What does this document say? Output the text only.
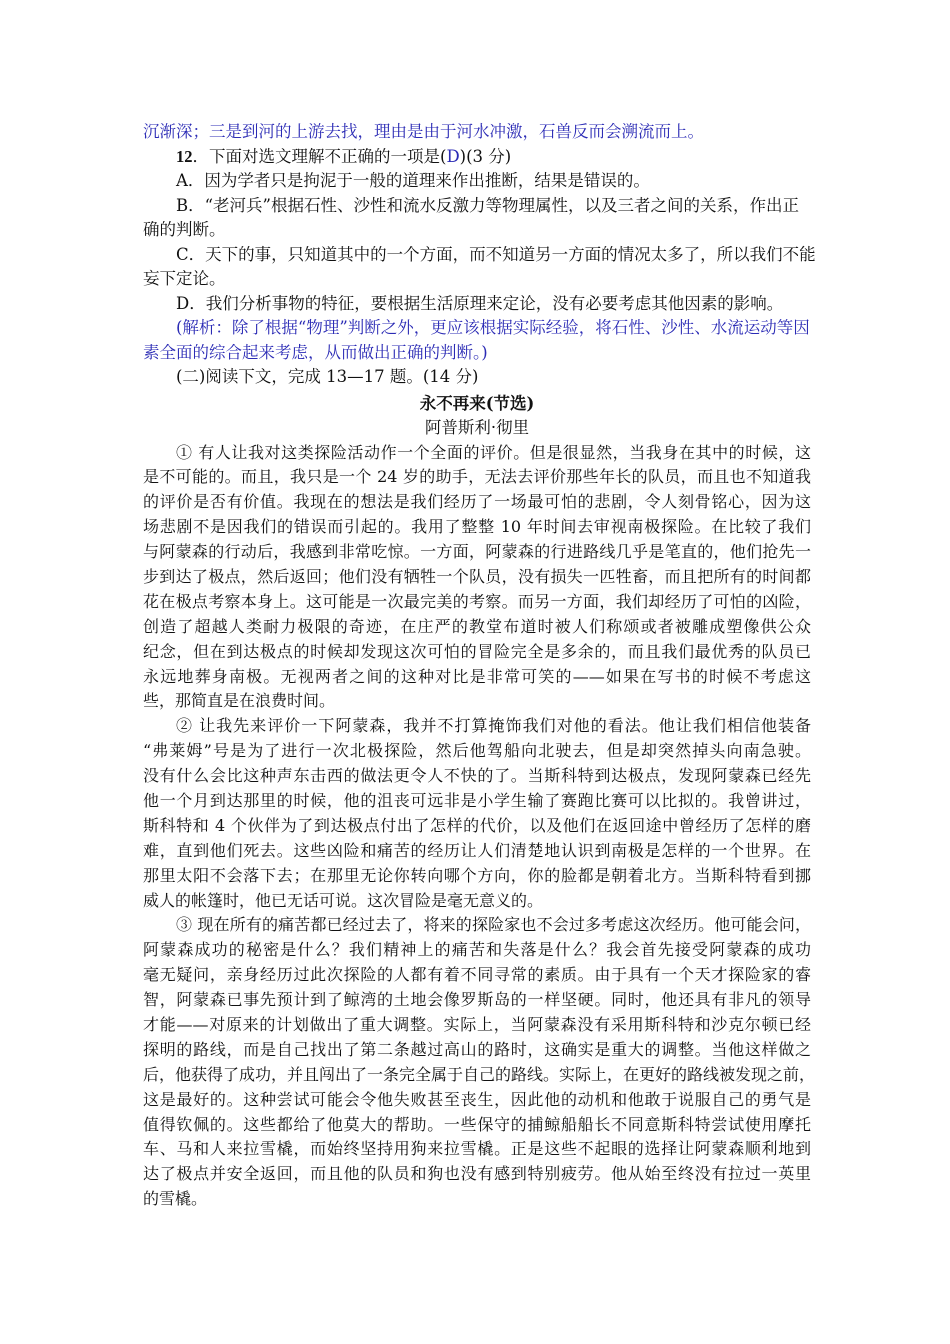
沉渐深；三是到河的上游去找，理由是由于河水冲激，石兽反而会溯流而上。
12．下面对选文理解不正确的一项是(D)(3 分)
A．因为学者只是拘泥于一般的道理来作出推断，结果是错误的。
B．“老河兵”根据石性、沙性和流水反激力等物理属性，以及三者之间的关系，作出正
确的判断。
C．天下的事，只知道其中的一个方面，而不知道另一方面的情况太多了，所以我们不能
妄下定论。
D．我们分析事物的特征，要根据生活原理来定论，没有必要考虑其他因素的影响。
(解析：除了根据“物理”判断之外，更应该根据实际经验，将石性、沙性、水流运动等因
素全面的综合起来考虑，从而做出正确的判断。)
(二)阅读下文，完成 13—17 题。(14 分)
永不再来(节选)
阿普斯利·彻里
① 有人让我对这类探险活动作一个全面的评价。但是很显然，当我身在其中的时候，这
是不可能的。而且，我只是一个 24 岁的助手，无法去评价那些年长的队员，而且也不知道我
的评价是否有价值。我现在的想法是我们经历了一场最可怕的悲剧，令人刻骨铭心，因为这
场悲剧不是因我们的错误而引起的。我用了整整 10 年时间去审视南极探险。在比较了我们
与阿蒙森的行动后，我感到非常吃惊。一方面，阿蒙森的行进路线几乎是笔直的，他们抢先一
步到达了极点，然后返回；他们没有牺牲一个队员，没有损失一匹牲畜，而且把所有的时间都
花在极点考察本身上。这可能是一次最完美的考察。而另一方面，我们却经历了可怕的凶险，
创造了超越人类耐力极限的奇迹，在庄严的教堂布道时被人们称颂或者被雕成塑像供公众
纪念，但在到达极点的时候却发现这次可怕的冒险完全是多余的，而且我们最优秀的队员已
永远地葬身南极。无视两者之间的这种对比是非常可笑的——如果在写书的时候不考虑这
些，那简直是在浪费时间。
② 让我先来评价一下阿蒙森，我并不打算掩饰我们对他的看法。他让我们相信他装备
“弗莱姆”号是为了进行一次北极探险，然后他驾船向北驶去，但是却突然掉头向南急驶。
没有什么会比这种声东击西的做法更令人不快的了。当斯科特到达极点，发现阿蒙森已经先
他一个月到达那里的时候，他的沮丧可远非是小学生输了赛跑比赛可以比拟的。我曾讲过，
斯科特和 4 个伙伴为了到达极点付出了怎样的代价，以及他们在返回途中曾经历了怎样的磨
难，直到他们死去。这些凶险和痛苦的经历让人们清楚地认识到南极是怎样的一个世界。在
那里太阳不会落下去；在那里无论你转向哪个方向，你的脸都是朝着北方。当斯科特看到挪
威人的帐篷时，他已无话可说。这次冒险是毫无意义的。
③ 现在所有的痛苦都已经过去了，将来的探险家也不会过多考虑这次经历。他可能会问，
阿蒙森成功的秘密是什么？我们精神上的痛苦和失落是什么？我会首先接受阿蒙森的成功
毫无疑问，亲身经历过此次探险的人都有着不同寻常的素质。由于具有一个天才探险家的睿
智，阿蒙森已事先预计到了鲸湾的土地会像罗斯岛的一样坚硬。同时，他还具有非凡的领导
才能——对原来的计划做出了重大调整。实际上，当阿蒙森没有采用斯科特和沙克尔顿已经
探明的路线，而是自己找出了第二条越过高山的路时，这确实是重大的调整。当他这样做之
后，他获得了成功，并且闯出了一条完全属于自己的路线。实际上，在更好的路线被发现之前，
这是最好的。这种尝试可能会令他失败甚至丧生，因此他的动机和他敢于说服自己的勇气是
值得钦佩的。这些都给了他莫大的帮助。一些保守的捕鲸船船长不同意斯科特尝试使用摩托
车、马和人来拉雪橇，而始终坚持用狗来拉雪橇。正是这些不起眼的选择让阿蒙森顺利地到
达了极点并安全返回，而且他的队员和狗也没有感到特别疲劳。他从始至终没有拉过一英里
的雪橇。
